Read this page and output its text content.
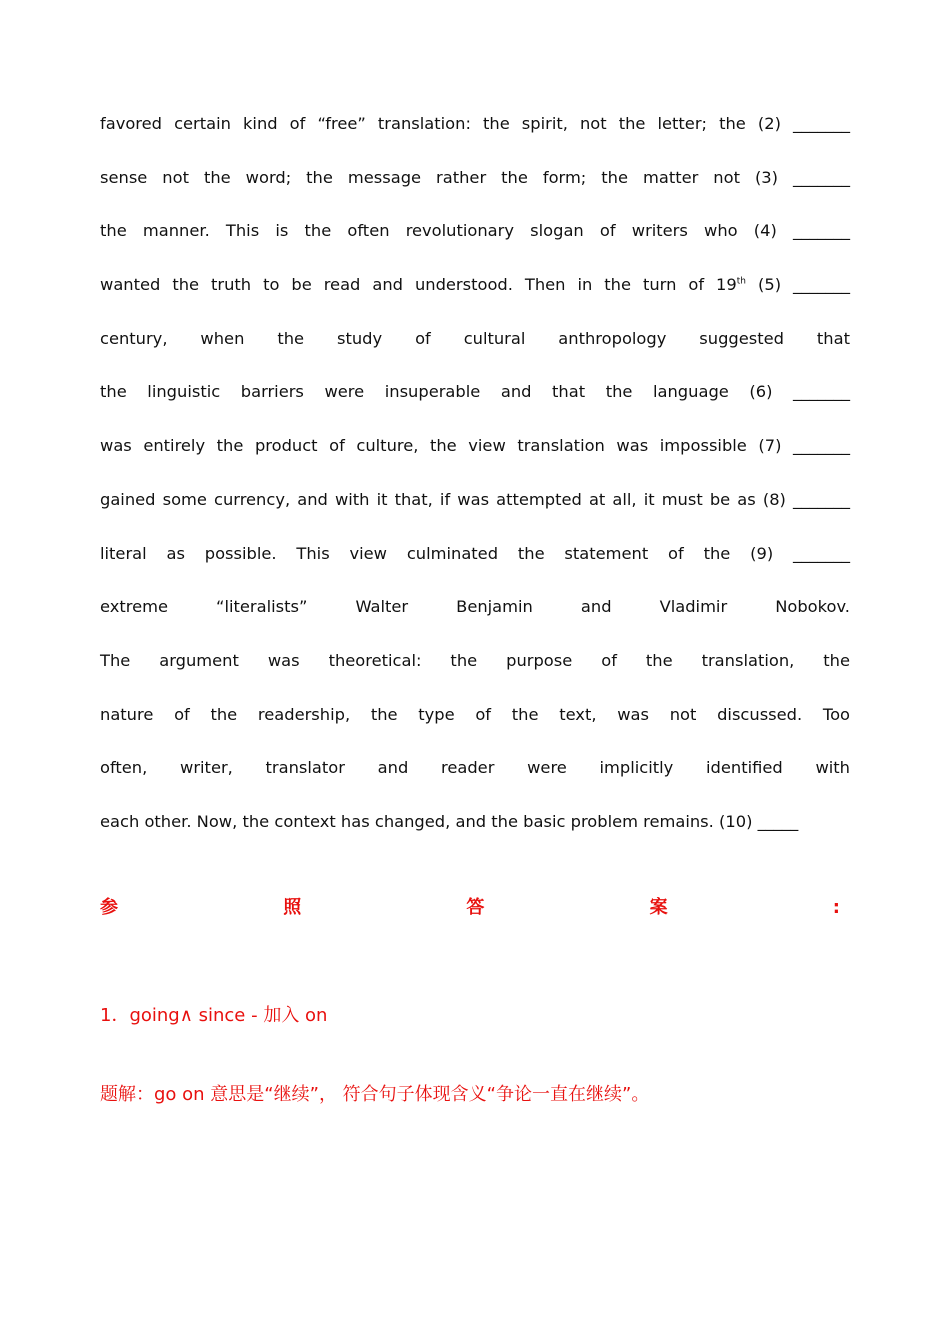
favored certain kind of “free” translation: the spirit, not the letter; the (2) _______
sense not the word; the message rather the form; the matter not (3) _______
the manner. This is the often revolutionary slogan of writers who (4) _______
wanted the truth to be read and understood. Then in the turn of 19th (5) _______
century, when the study of cultural anthropology suggested that
the linguistic barriers were insuperable and that the language (6) _______
was entirely the product of culture, the view translation was impossible (7) _______
gained some currency, and with it that, if was attempted at all, it must be as (8) _______
literal as possible. This view culminated the statement of the (9) _______
extreme “literalists” Walter Benjamin and Vladimir Nobokov.
The argument was theoretical: the purpose of the translation, the
nature of the readership, the type of the text, was not discussed. Too
often, writer, translator and reader were implicitly identified with
each other. Now, the context has changed, and the basic problem remains. (10) _____
参	照	答	案	:
1．going∧ since - 加入 on
题解：go on 意思是“继续”， 符合句子体现含义“争论一直在继续”。
